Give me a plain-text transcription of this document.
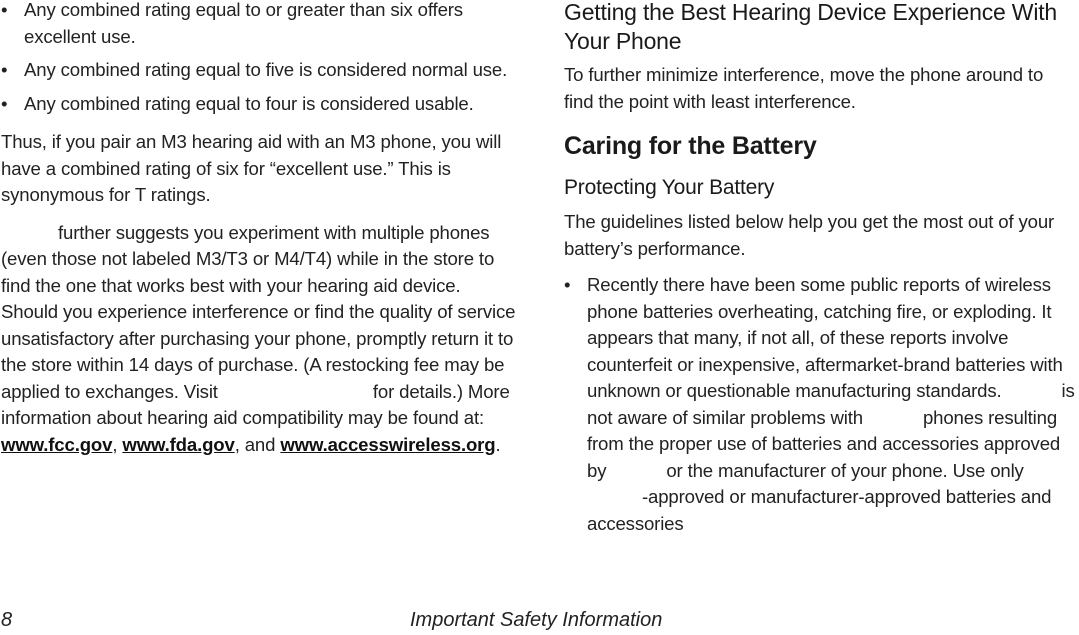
• Any combined rating equal to or greater than six offers excellent use.
• Any combined rating equal to five is considered normal use.
• Any combined rating equal to four is considered usable.

Thus, if you pair an M3 hearing aid with an M3 phone, you will have a combined rating of six for “excellent use.” This is synonymous for T ratings.

further suggests you experiment with multiple phones (even those not labeled M3/T3 or M4/T4) while in the store to find the one that works best with your hearing aid device. Should you experience interference or find the quality of service unsatisfactory after purchasing your phone, promptly return it to the store within 14 days of purchase. (A restocking fee may be applied to exchanges. Visit	for details.) More information about hearing aid compatibility may be found at: www.fcc.gov, www.fda.gov, and www.accesswireless.org.

Getting the Best Hearing Device Experience With Your Phone

To further minimize interference, move the phone around to find the point with least interference.

Caring for the Battery
Protecting Your Battery

The guidelines listed below help you get the most out of your battery’s performance.

• Recently there have been some public reports of wireless phone batteries overheating, catching fire, or exploding. It appears that many, if not all, of these reports involve counterfeit or inexpensive, aftermarket-brand batteries with unknown or questionable manufacturing standards.	is not aware of similar problems with	phones resulting from the proper use of batteries and accessories approved by	or the manufacturer of your phone. Use only-approved or manufacturer-approved batteries and accessories
8	Important Safety Information
